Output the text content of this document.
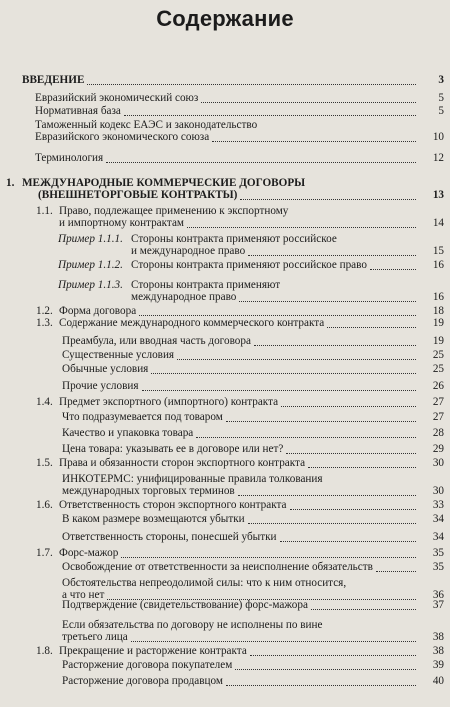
Содержание
ВВЕДЕНИЕ	3
Евразийский экономический союз	5
Нормативная база	5
Таможенный кодекс ЕАЭС и законодательство
Евразийского экономического союза	10
Терминология	12
1. МЕЖДУНАРОДНЫЕ КОММЕРЧЕСКИЕ ДОГОВОРЫ
(ВНЕШНЕТОРГОВЫЕ КОНТРАКТЫ)	13
1.1. Право, подлежащее применению к экспортному
и импортному контрактам	14
Пример 1.1.1. Стороны контракта применяют российское
и международное право	15
Пример 1.1.2. Стороны контракта применяют российское право	16
Пример 1.1.3. Стороны контракта применяют
международное право	16
1.2. Форма договора	18
1.3. Содержание международного коммерческого контракта	19
Преамбула, или вводная часть договора	19
Существенные условия	25
Обычные условия	25
Прочие условия	26
1.4. Предмет экспортного (импортного) контракта	27
Что подразумевается под товаром	27
Качество и упаковка товара	28
Цена товара: указывать ее в договоре или нет?	29
1.5. Права и обязанности сторон экспортного контракта	30
ИНКОТЕРМС: унифицированные правила толкования
международных торговых терминов	30
1.6. Ответственность сторон экспортного контракта	33
В каком размере возмещаются убытки	34
Ответственность стороны, понесшей убытки	34
1.7. Форс-мажор	35
Освобождение от ответственности за неисполнение обязательств	35
Обстоятельства непреодолимой силы: что к ним относится,
а что нет	36
Подтверждение (свидетельствование) форс-мажора	37
Если обязательства по договору не исполнены по вине
третьего лица	38
1.8. Прекращение и расторжение контракта	38
Расторжение договора покупателем	39
Расторжение договора продавцом	40
